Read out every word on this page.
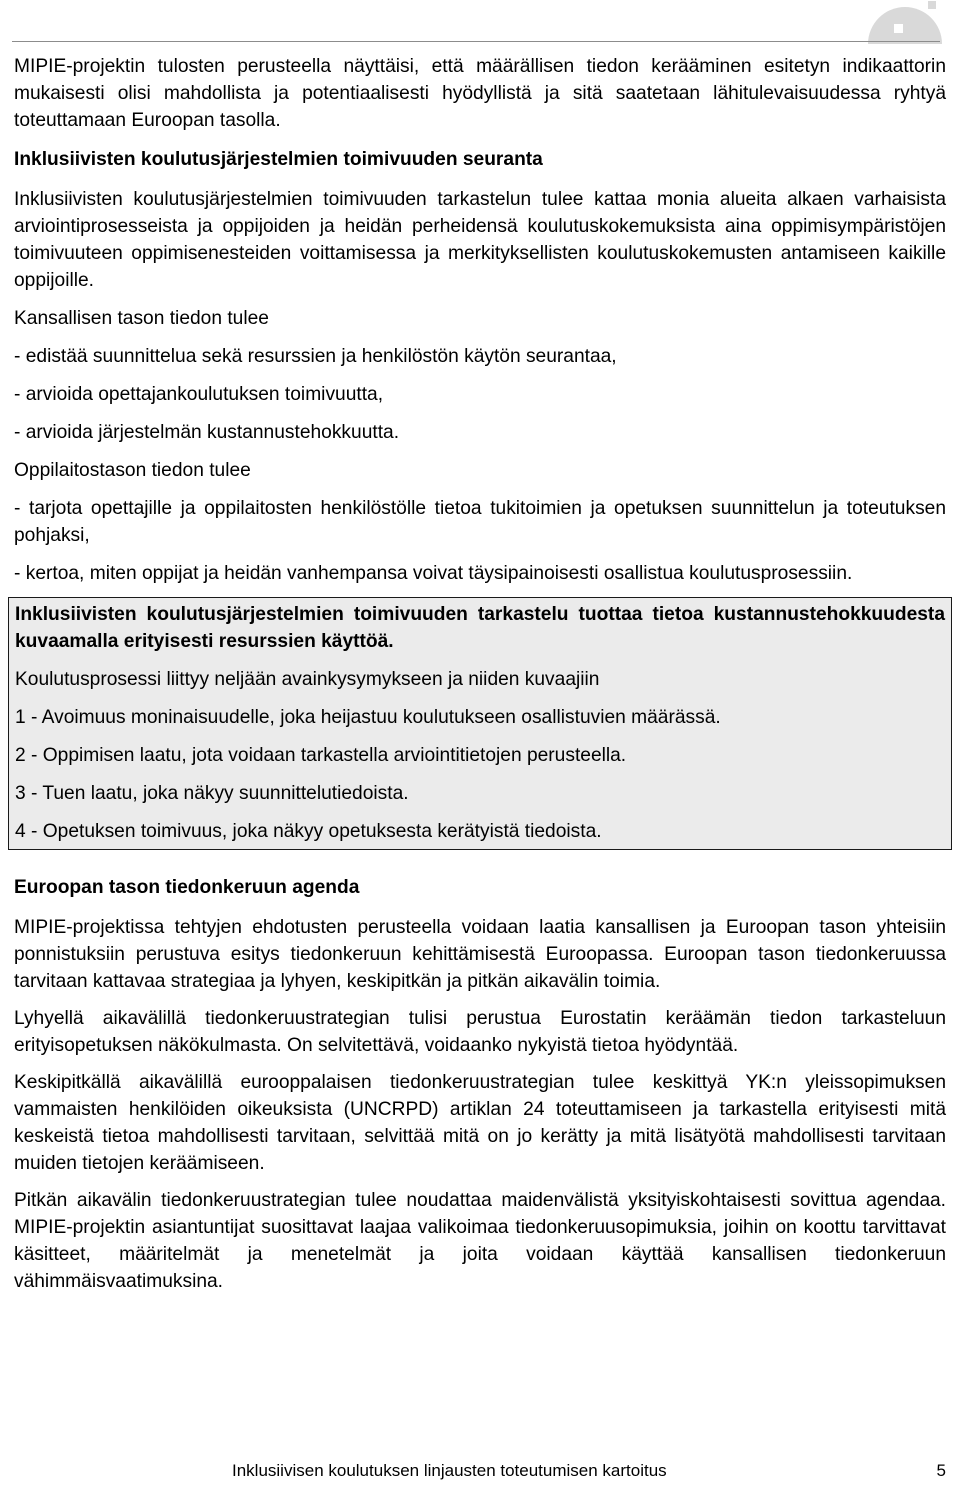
MIPIE-projektin tulosten perusteella näyttäisi, että määrällisen tiedon kerääminen esitetyn indikaattorin mukaisesti olisi mahdollista ja potentiaalisesti hyödyllistä ja sitä saatetaan lähitulevaisuudessa ryhtyä toteuttamaan Euroopan tasolla.

Inklusiivisten koulutusjärjestelmien toimivuuden seuranta

Inklusiivisten koulutusjärjestelmien toimivuuden tarkastelun tulee kattaa monia alueita alkaen varhaisista arviointiprosesseista ja oppijoiden ja heidän perheidensä koulutuskokemuksista aina oppimisympäristöjen toimivuuteen oppimisenesteiden voittamisessa ja merkityksellisten koulutuskokemusten antamiseen kaikille oppijoille.

Kansallisen tason tiedon tulee

- edistää suunnittelua sekä resurssien ja henkilöstön käytön seurantaa,

- arvioida opettajankoulutuksen toimivuutta,

- arvioida järjestelmän kustannustehokkuutta.

Oppilaitostason tiedon tulee

- tarjota opettajille ja oppilaitosten henkilöstölle tietoa tukitoimien ja opetuksen suunnittelun ja toteutuksen pohjaksi,

- kertoa, miten oppijat ja heidän vanhempansa voivat täysipainoisesti osallistua koulutusprosessiin.

Inklusiivisten koulutusjärjestelmien toimivuuden tarkastelu tuottaa tietoa kustannustehokkuudesta kuvaamalla erityisesti resurssien käyttöä.

Koulutusprosessi liittyy neljään avainkysymykseen ja niiden kuvaajiin

1 - Avoimuus moninaisuudelle, joka heijastuu koulutukseen osallistuvien määrässä.

2 - Oppimisen laatu, jota voidaan tarkastella arviointitietojen perusteella.

3 - Tuen laatu, joka näkyy suunnittelutiedoista.

4 - Opetuksen toimivuus, joka näkyy opetuksesta kerätyistä tiedoista.

Euroopan tason tiedonkeruun agenda

MIPIE-projektissa tehtyjen ehdotusten perusteella voidaan laatia kansallisen ja Euroopan tason yhteisiin ponnistuksiin perustuva esitys tiedonkeruun kehittämisestä Euroopassa. Euroopan tason tiedonkeruussa tarvitaan kattavaa strategiaa ja lyhyen, keskipitkän ja pitkän aikavälin toimia.

Lyhyellä aikavälillä tiedonkeruustrategian tulisi perustua Eurostatin keräämän tiedon tarkasteluun erityisopetuksen näkökulmasta. On selvitettävä, voidaanko nykyistä tietoa hyödyntää.

Keskipitkällä aikavälillä eurooppalaisen tiedonkeruustrategian tulee keskittyä YK:n yleissopimuksen vammaisten henkilöiden oikeuksista (UNCRPD) artiklan 24 toteuttamiseen ja tarkastella erityisesti mitä keskeistä tietoa mahdollisesti tarvitaan, selvittää mitä on jo kerätty ja mitä lisätyötä mahdollisesti tarvitaan muiden tietojen keräämiseen.

Pitkän aikavälin tiedonkeruustrategian tulee noudattaa maidenvälistä yksityiskohtaisesti sovittua agendaa. MIPIE-projektin asiantuntijat suosittavat laajaa valikoimaa tiedonkeruusopimuksia, joihin on koottu tarvittavat käsitteet, määritelmät ja menetelmät ja joita voidaan käyttää kansallisen tiedonkeruun vähimmäisvaatimuksina.

Inklusiivisen koulutuksen linjausten toteutumisen kartoitus	5
